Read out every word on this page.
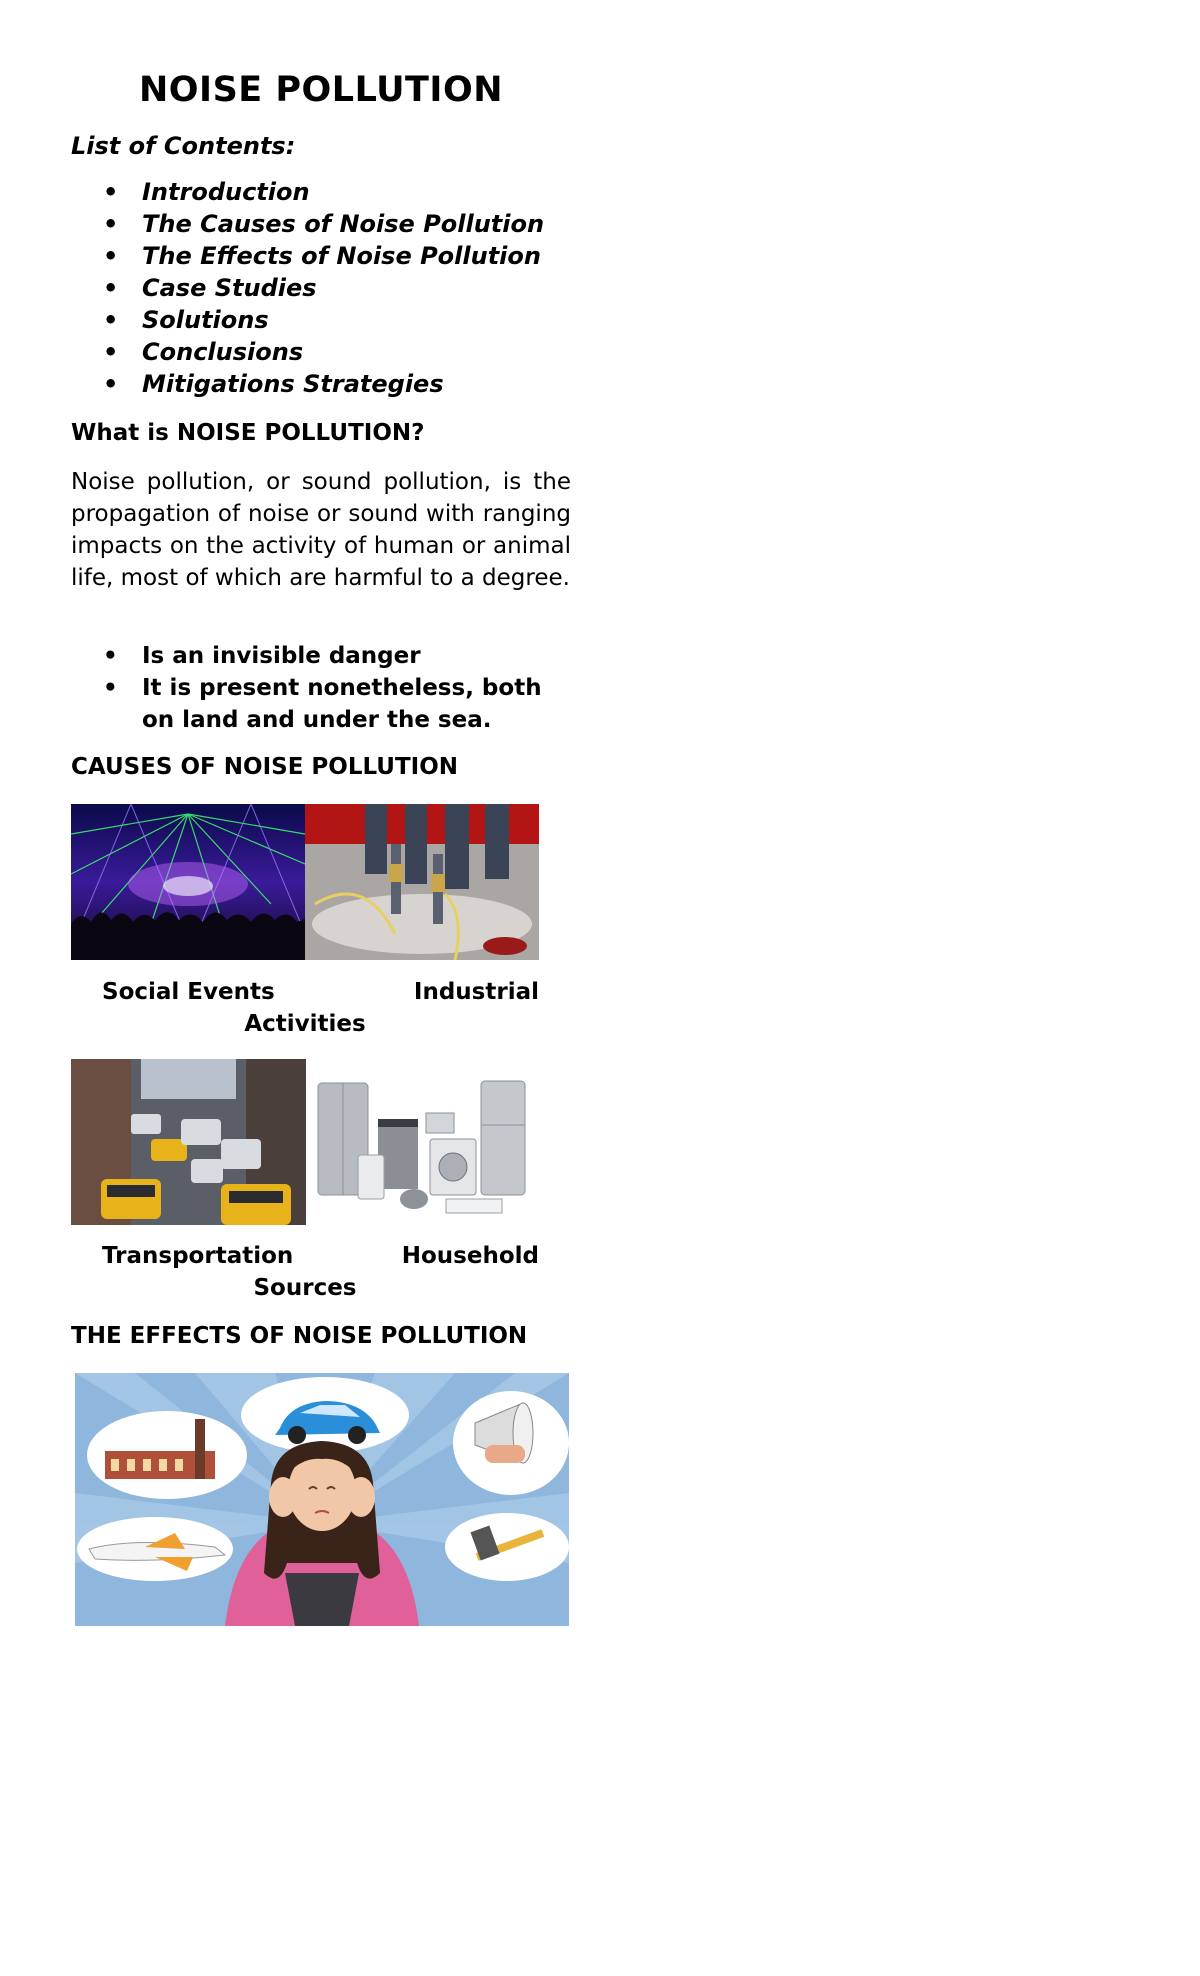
NOISE POLLUTION

List of Contents:

• Introduction
• The Causes of Noise Pollution
• The Effects of Noise Pollution
• Case Studies
• Solutions
• Conclusions
• Mitigations Strategies

What is NOISE POLLUTION?

Noise pollution, or sound pollution, is the propagation of noise or sound with ranging impacts on the activity of human or animal life, most of which are harmful to a degree.

• Is an invisible danger
• It is present nonetheless, both on land and under the sea.

CAUSES OF NOISE POLLUTION

Social Events	Industrial
Activities
Transportation	Household
Sources

THE EFFECTS OF NOISE POLLUTION
